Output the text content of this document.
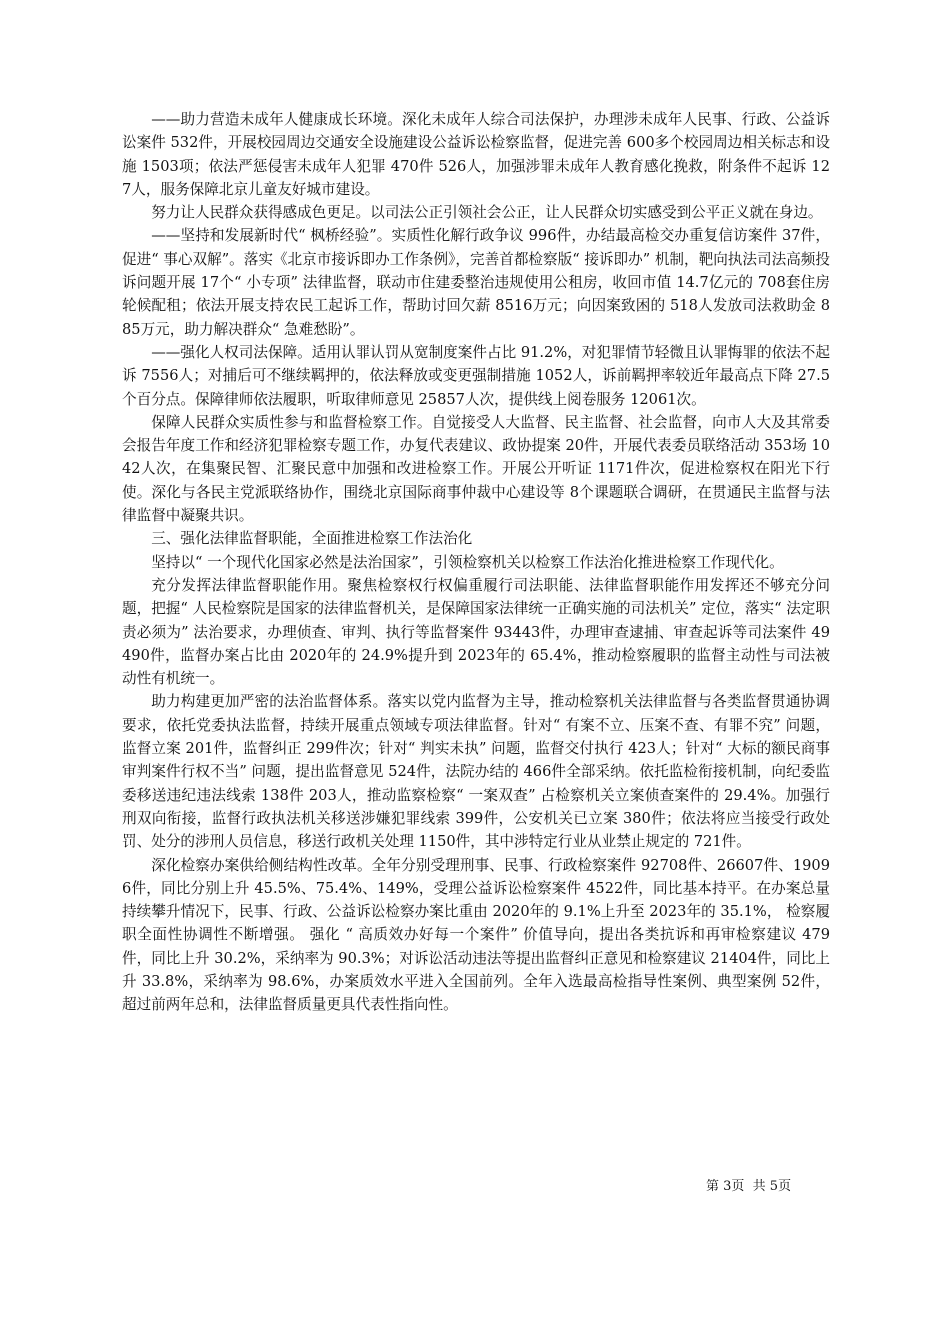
——助力营造未成年人健康成长环境。深化未成年人综合司法保护，办理涉未成年人民事、行政、公益诉讼案件 532件，开展校园周边交通安全设施建设公益诉讼检察监督，促进完善 600多个校园周边相关标志和设施 1503项；依法严惩侵害未成年人犯罪 470件 526人，加强涉罪未成年人教育感化挽救，附条件不起诉 127人，服务保障北京儿童友好城市建设。

努力让人民群众获得感成色更足。以司法公正引领社会公正，让人民群众切实感受到公平正义就在身边。

——坚持和发展新时代“ 枫桥经验”。实质性化解行政争议 996件，办结最高检交办重复信访案件 37件，促进“ 事心双解”。落实《北京市接诉即办工作条例》，完善首都检察版“ 接诉即办” 机制，靶向执法司法高频投诉问题开展 17个“ 小专项” 法律监督，联动市住建委整治违规使用公租房，收回市值 14.7亿元的 708套住房轮候配租；依法开展支持农民工起诉工作，帮助讨回欠薪 8516万元；向因案致困的 518人发放司法救助金 885万元，助力解决群众“ 急难愁盼”。

——强化人权司法保障。适用认罪认罚从宽制度案件占比 91.2%，对犯罪情节轻微且认罪悔罪的依法不起诉 7556人；对捕后可不继续羁押的，依法释放或变更强制措施 1052人，诉前羁押率较近年最高点下降 27.5个百分点。保障律师依法履职，听取律师意见 25857人次，提供线上阅卷服务 12061次。

保障人民群众实质性参与和监督检察工作。自觉接受人大监督、民主监督、社会监督，向市人大及其常委会报告年度工作和经济犯罪检察专题工作，办复代表建议、政协提案 20件，开展代表委员联络活动 353场 1042人次，在集聚民智、汇聚民意中加强和改进检察工作。开展公开听证 1171件次，促进检察权在阳光下行使。深化与各民主党派联络协作，围绕北京国际商事仲裁中心建设等 8个课题联合调研，在贯通民主监督与法律监督中凝聚共识。

三、强化法律监督职能，全面推进检察工作法治化

坚持以“ 一个现代化国家必然是法治国家”，引领检察机关以检察工作法治化推进检察工作现代化。

充分发挥法律监督职能作用。聚焦检察权行权偏重履行司法职能、法律监督职能作用发挥还不够充分问题，把握“ 人民检察院是国家的法律监督机关，是保障国家法律统一正确实施的司法机关” 定位，落实“ 法定职责必须为” 法治要求，办理侦查、审判、执行等监督案件 93443件，办理审查逮捕、审查起诉等司法案件 49490件，监督办案占比由 2020年的 24.9%提升到 2023年的 65.4%，推动检察履职的监督主动性与司法被动性有机统一。

助力构建更加严密的法治监督体系。落实以党内监督为主导，推动检察机关法律监督与各类监督贯通协调要求，依托党委执法监督，持续开展重点领域专项法律监督。针对“ 有案不立、压案不查、有罪不究” 问题，监督立案 201件，监督纠正 299件次；针对“ 判实未执” 问题，监督交付执行 423人；针对“ 大标的额民商事审判案件行权不当” 问题，提出监督意见 524件，法院办结的 466件全部采纳。依托监检衔接机制，向纪委监委移送违纪违法线索 138件 203人，推动监察检察“ 一案双查” 占检察机关立案侦查案件的 29.4%。加强行刑双向衔接，监督行政执法机关移送涉嫌犯罪线索 399件，公安机关已立案 380件；依法将应当接受行政处罚、处分的涉刑人员信息，移送行政机关处理 1150件，其中涉特定行业从业禁止规定的 721件。

深化检察办案供给侧结构性改革。全年分别受理刑事、民事、行政检察案件 92708件、26607件、19096件，同比分别上升 45.5%、75.4%、149%，受理公益诉讼检察案件 4522件，同比基本持平。在办案总量持续攀升情况下，民事、行政、公益诉讼检察办案比重由 2020年的 9.1%上升至 2023年的 35.1%， 检察履职全面性协调性不断增强。 强化 “ 高质效办好每一个案件” 价值导向，提出各类抗诉和再审检察建议 479件，同比上升 30.2%，采纳率为 90.3%；对诉讼活动违法等提出监督纠正意见和检察建议 21404件，同比上升 33.8%，采纳率为 98.6%，办案质效水平进入全国前列。全年入选最高检指导性案例、典型案例 52件，超过前两年总和，法律监督质量更具代表性指向性。

第 3页  共 5页
